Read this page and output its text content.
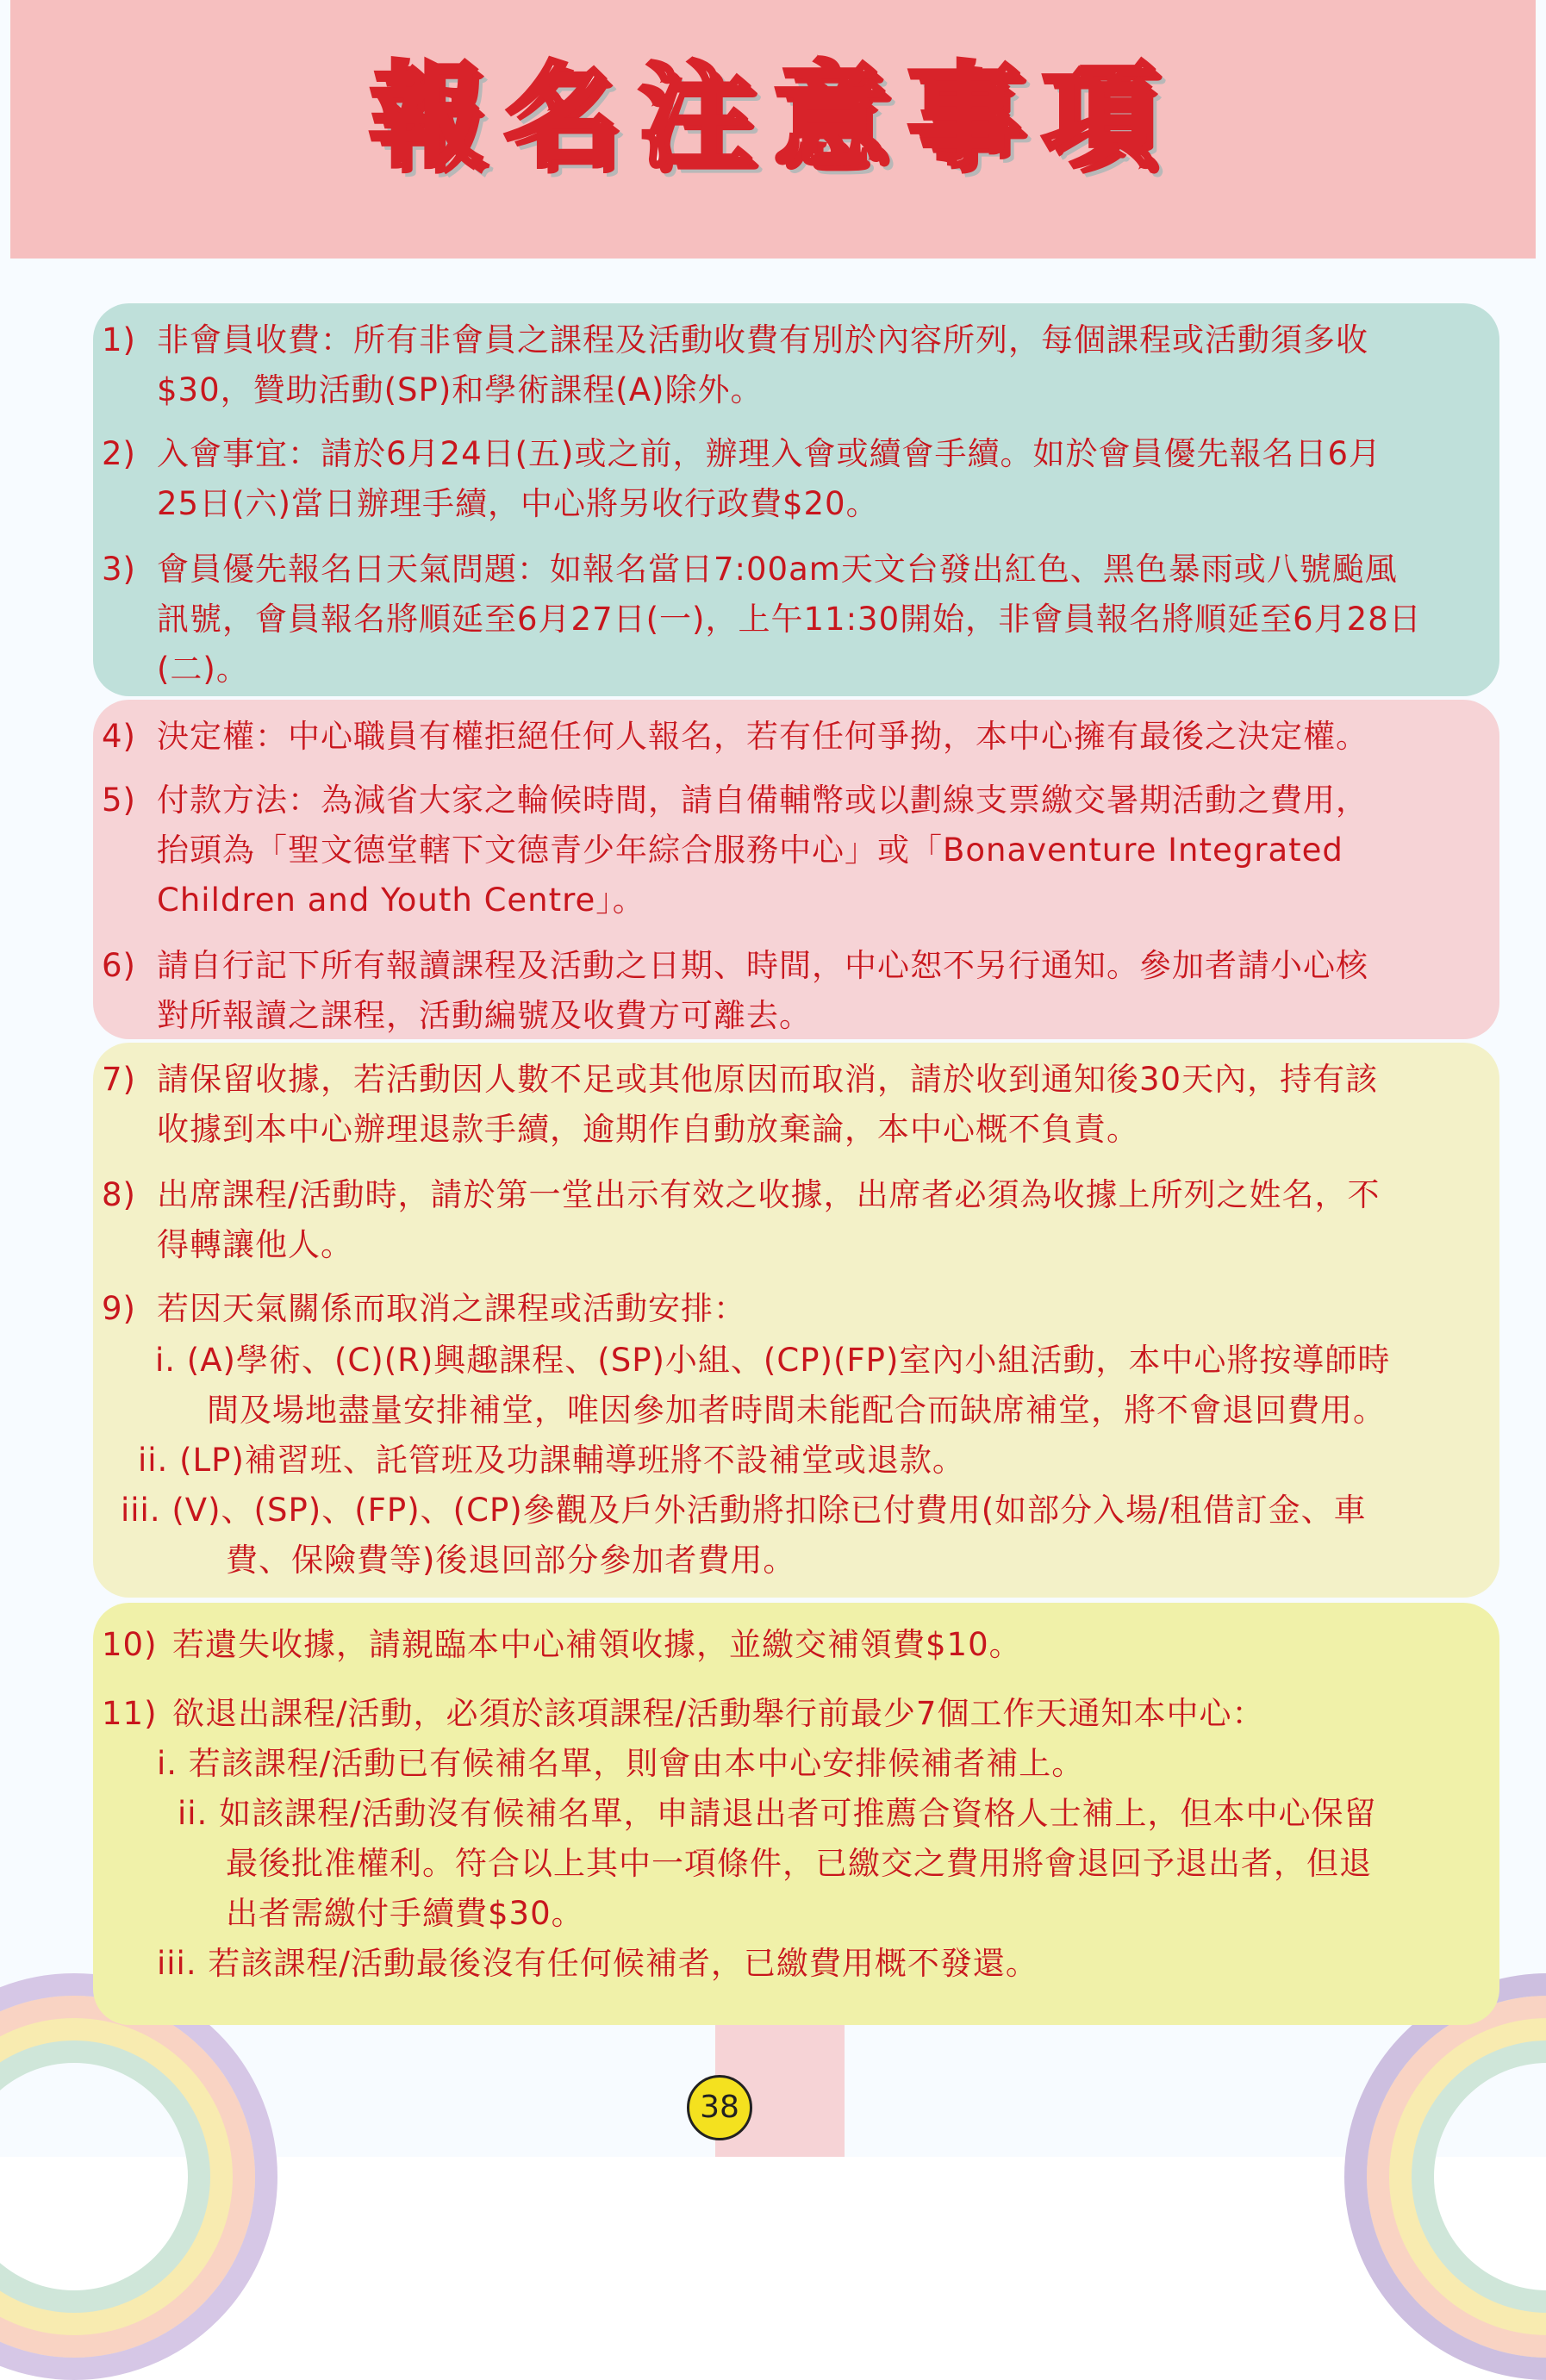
報名注意事項
1) 非會員收費：所有非會員之課程及活動收費有別於內容所列，每個課程或活動須多收
$30，贊助活動(SP)和學術課程(A)除外。
2) 入會事宜：請於6月24日(五)或之前，辦理入會或續會手續。如於會員優先報名日6月
25日(六)當日辦理手續，中心將另收行政費$20。
3) 會員優先報名日天氣問題：如報名當日7:00am天文台發出紅色、黑色暴雨或八號颱風
訊號，會員報名將順延至6月27日(一)，上午11:30開始，非會員報名將順延至6月28日
(二)。
4) 決定權：中心職員有權拒絕任何人報名，若有任何爭拗，本中心擁有最後之決定權。
5) 付款方法：為減省大家之輪候時間，請自備輔幣或以劃線支票繳交暑期活動之費用，
抬頭為「聖文德堂轄下文德青少年綜合服務中心」或「Bonaventure Integrated
Children and Youth Centre」。
6) 請自行記下所有報讀課程及活動之日期、時間，中心恕不另行通知。參加者請小心核
對所報讀之課程，活動編號及收費方可離去。
7) 請保留收據，若活動因人數不足或其他原因而取消，請於收到通知後30天內，持有該
收據到本中心辦理退款手續，逾期作自動放棄論，本中心概不負責。
8) 出席課程/活動時，請於第一堂出示有效之收據，出席者必須為收據上所列之姓名，不
得轉讓他人。
9) 若因天氣關係而取消之課程或活動安排：
i. (A)學術、(C)(R)興趣課程、(SP)小組、(CP)(FP)室內小組活動，本中心將按導師時
間及場地盡量安排補堂，唯因參加者時間未能配合而缺席補堂，將不會退回費用。
ii. (LP)補習班、託管班及功課輔導班將不設補堂或退款。
iii. (V)、(SP)、(FP)、(CP)參觀及戶外活動將扣除已付費用(如部分入場/租借訂金、車
費、保險費等)後退回部分參加者費用。
10) 若遺失收據，請親臨本中心補領收據，並繳交補領費$10。
11) 欲退出課程/活動，必須於該項課程/活動舉行前最少7個工作天通知本中心：
i. 若該課程/活動已有候補名單，則會由本中心安排候補者補上。
ii. 如該課程/活動沒有候補名單，申請退出者可推薦合資格人士補上，但本中心保留
最後批准權利。符合以上其中一項條件，已繳交之費用將會退回予退出者，但退
出者需繳付手續費$30。
iii. 若該課程/活動最後沒有任何候補者，已繳費用概不發還。
38
